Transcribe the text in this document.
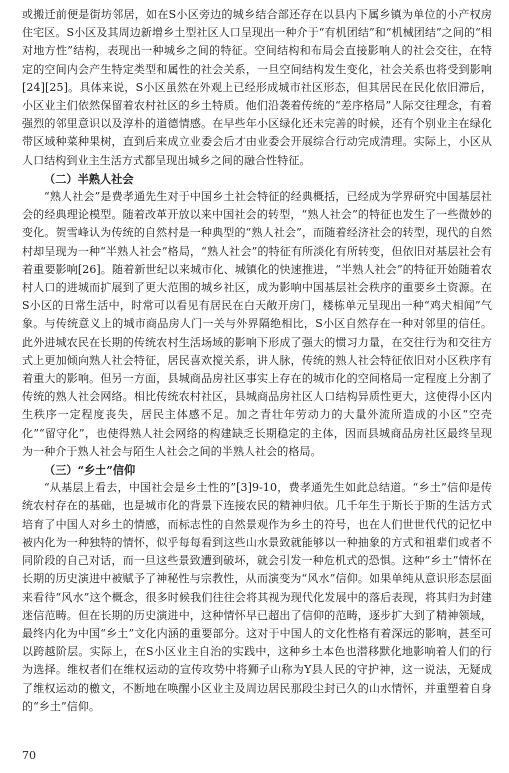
或搬迁前便是街坊邻居，如在S小区旁边的城乡结合部还存在以县内下属乡镇为单位的小产权房住宅区。S小区及其周边新增乡土型社区人口呈现出一种介于“有机团结”和“机械团结”之间的“相对地方性”结构，表现出一种城乡之间的特征。空间结构和布局会直接影响人的社会交往，在特定的空间内会产生特定类型和属性的社会关系，一旦空间结构发生变化，社会关系也将受到影响[24][25]。具体来说，S小区虽然在外观上已经形成城市社区形态，但其居民在民化依旧滞后，小区业主们依然保留着农村社区的乡土特质。他们沿袭着传统的“差序格局”人际交往理念，有着强烈的邻里意识以及淳朴的道德情感。在早些年小区绿化还未完善的时候，还有个别业主在绿化带区域种菜种果树，直到后来成立业委会后才由业委会开展综合行动完成清理。实际上，小区从人口结构到业主生活方式都呈现出城乡之间的融合性特征。

（二）半熟人社会

“熟人社会”是费孝通先生对于中国乡土社会特征的经典概括，已经成为学界研究中国基层社会的经典理论模型。随着改革开放以来中国社会的转型，“熟人社会”的特征也发生了一些微妙的变化。贺雪峰认为传统的自然村是一种典型的“熟人社会”，而随着经济社会的转型，现代的自然村却呈现为一种“半熟人社会”格局，“熟人社会”的特征有所淡化有所转变，但依旧对基层社会有着重要影响[26]。随着新世纪以来城市化、城镇化的快速推进，“半熟人社会”的特征开始随着农村人口的进城而扩展到了更大范围的城乡社区，成为影响中国基层社会秩序的重要乡土资源。在S小区的日常生活中，时常可以看见有居民在白天敞开房门，楼栋单元呈现出一种“鸡犬相闻”气象。与传统意义上的城市商品房人门一关与外界隔绝相比，S小区自然存在一种对邻里的信任。此外进城农民在长期的传统农村生活场域的影响下形成了强大的惯习力量，在交往行为和交往方式上更加倾向熟人社会特征，居民喜欢搅关系，讲人脉，传统的熟人社会特征依旧对小区秩序有着重大的影响。但另一方面，县城商品房社区事实上存在的城市化的空间格局一定程度上分割了传统的熟人社会网络。相比传统农村社区，县城商品房社区人口结构异质性更大，这使得小区内生秩序一定程度丧失，居民主体感不足。加之青壮年劳动力的大量外流所造成的小区“空壳化”“留守化”，也使得熟人社会网络的构建缺乏长期稳定的主体，因而县城商品房社区最终呈现为一种介于熟人社会与陌生人社会之间的半熟人社会的格局。

（三）“乡土”信仰

“从基层上看去，中国社会是乡土性的”[3]9-10，费孝通先生如此总结道。“乡土”信仰是传统农村存在的基础，也是城市化的背景下连接农民的精神归依。几千年生于斯长于斯的生活方式培育了中国人对乡土的情感，而标志性的自然景观作为乡土的符号，也在人们世世代代的记忆中被内化为一种独特的情怀，似乎每每看到这些山水景致就能够以一种抽象的方式和祖辈们或者不同阶段的自己对话，而一旦这些景致遭到破坏，就会引发一种危机式的恐惧。这种“乡土”情怀在长期的历史演进中被赋予了神秘性与宗教性，从而演变为“风水”信仰。如果单纯从意识形态层面来看待“风水”这个概念，很多时候我们往往会将其视为现代化发展中的落后表现，将其归为封建迷信范畴。但在长期的历史演进中，这种情怀早已超出了信仰的范畴，逐步扩大到了精神领域，最终内化为中国“乡土”文化内涵的重要部分。这对于中国人的文化性格有着深远的影响，甚至可以跨越阶层。实际上，在S小区业主自治的实践中，这种乡土本色也潜移默化地影响着人们的行为选择。维权者们在维权运动的宣传攻势中将狮子山称为Y县人民的守护神，这一说法，无疑成了维权运动的檄文，不断地在唤醒小区业主及周边居民那段尘封已久的山水情怀，并重塑着自身的“乡土”信仰。

70
